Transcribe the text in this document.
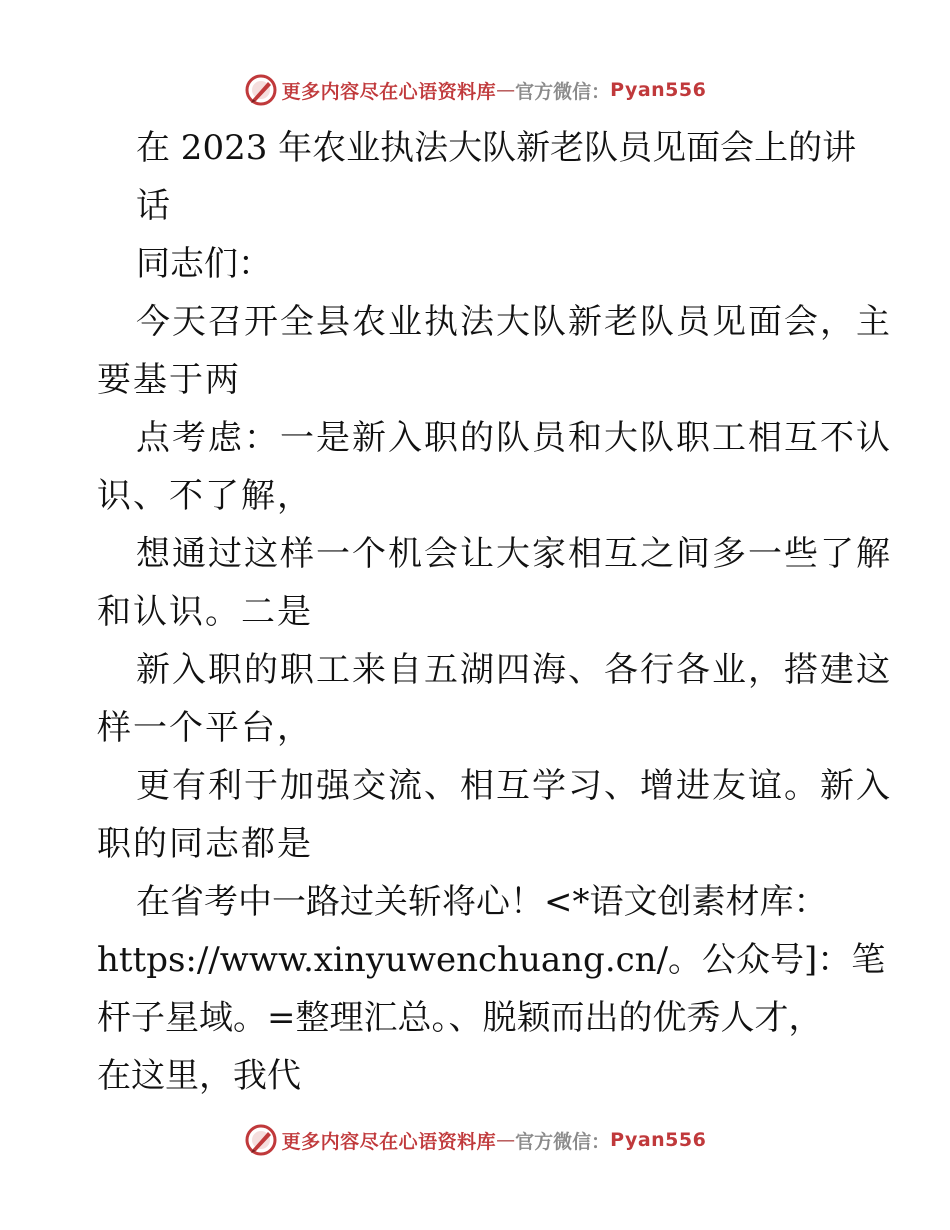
更多内容尽在心语资料库 — 官方微信： Pyan556
在 2023 年农业执法大队新老队员见面会上的讲
话
同志们：
今天召开全县农业执法大队新老队员见面会，主
要基于两
点考虑：一是新入职的队员和大队职工相互不认
识、不了解，
想通过这样一个机会让大家相互之间多一些了解
和认识。二是
新入职的职工来自五湖四海、各行各业，搭建这
样一个平台，
更有利于加强交流、相互学习、增进友谊。新入
职的同志都是
在省考中一路过关斩将心！<*语文创素材库：
https://www.xinyuwenchuang.cn/。公众号]：笔
杆子星域。=整理汇总。、脱颖而出的优秀人才，
在这里，我代
更多内容尽在心语资料库 — 官方微信： Pyan556
